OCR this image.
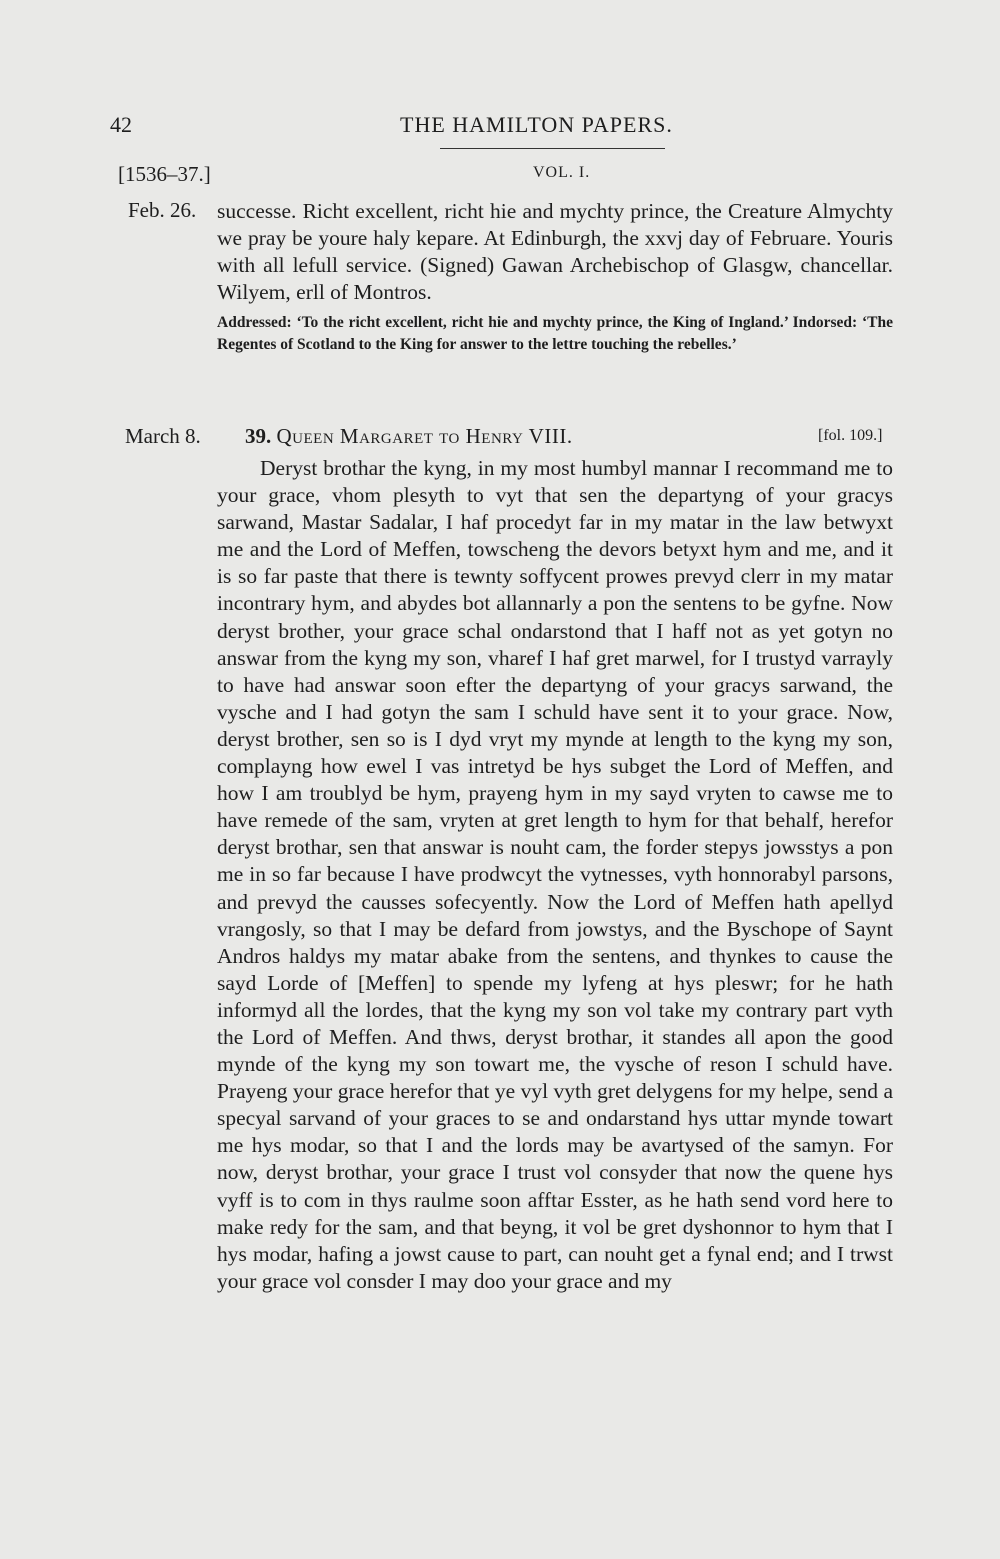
42	THE HAMILTON PAPERS.
[1536–37.]	VOL. I.
Feb. 26. successe. Richt excellent, richt hie and mychty prince, the Creature Almychty we pray be youre haly kepare. At Edinburgh, the xxvj day of Februare. Youris with all lefull service. (Signed) Gawan Archebischop of Glasgw, chancellar. Wilyem, erll of Montros.

Addressed: ‘To the richt excellent, richt hie and mychty prince, the King of Ingland.’ Indorsed: ‘The Regentes of Scotland to the King for answer to the lettre touching the rebelles.’

March 8. 39. Queen Margaret to Henry VIII.	[fol. 109.]

Deryst brothar the kyng, in my most humbyl mannar I recommand me to your grace, vhom plesyth to vyt that sen the departyng of your gracys sarwand, Mastar Sadalar, I haf procedyt far in my matar in the law betwyxt me and the Lord of Meffen, towscheng the devors betyxt hym and me, and it is so far paste that there is tewnty soffycent prowes prevyd clerr in my matar incontrary hym, and abydes bot allannarly a pon the sentens to be gyfne. Now deryst brother, your grace schal ondarstond that I haff not as yet gotyn no answar from the kyng my son, vharef I haf gret marwel, for I trustyd varrayly to have had answar soon efter the departyng of your gracys sarwand, the vysche and I had gotyn the sam I schuld have sent it to your grace. Now, deryst brother, sen so is I dyd vryt my mynde at length to the kyng my son, complayng how ewel I vas intretyd be hys subget the Lord of Meffen, and how I am troublyd be hym, prayeng hym in my sayd vryten to cawse me to have remede of the sam, vryten at gret length to hym for that behalf, herefor deryst brothar, sen that answar is nouht cam, the forder stepys jowsstys a pon me in so far because I have prodwcyt the vytnesses, vyth honnorabyl parsons, and prevyd the causses sofecyently. Now the Lord of Meffen hath apellyd vrangosly, so that I may be defard from jowstys, and the Byschope of Saynt Andros haldys my matar abake from the sentens, and thynkes to cause the sayd Lorde of [Meffen] to spende my lyfeng at hys pleswr; for he hath informyd all the lordes, that the kyng my son vol take my contrary part vyth the Lord of Meffen. And thws, deryst brothar, it standes all apon the good mynde of the kyng my son towart me, the vysche of reson I schuld have. Prayeng your grace herefor that ye vyl vyth gret delygens for my helpe, send a specyal sarvand of your graces to se and ondarstand hys uttar mynde towart me hys modar, so that I and the lords may be avartysed of the samyn. For now, deryst brothar, your grace I trust vol consyder that now the quene hys vyff is to com in thys raulme soon afftar Esster, as he hath send vord here to make redy for the sam, and that beyng, it vol be gret dyshonnor to hym that I hys modar, hafing a jowst cause to part, can nouht get a fynal end; and I trwst your grace vol consder I may doo your grace and my
